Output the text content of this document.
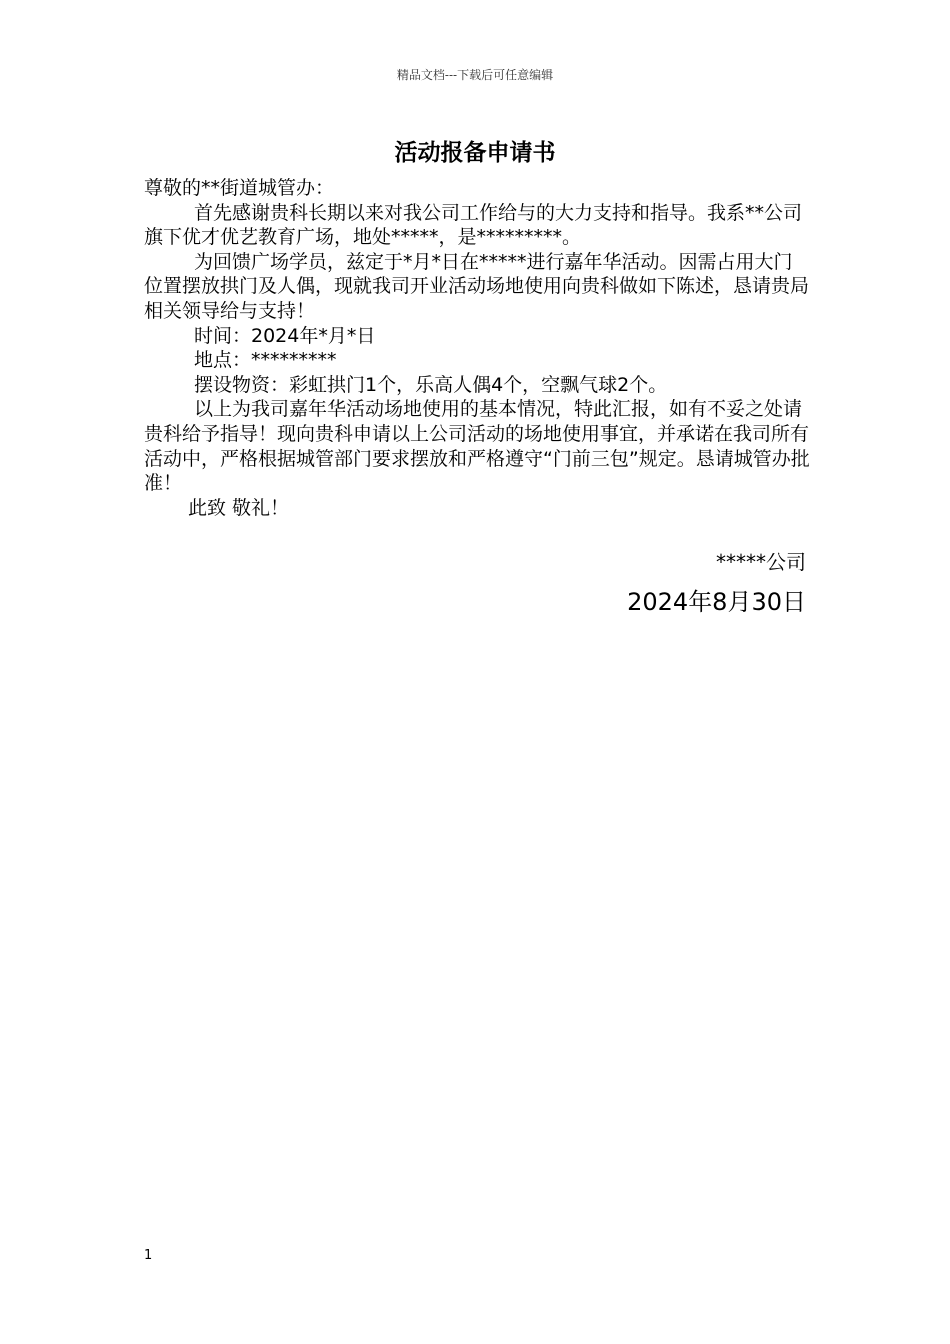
精品文档---下载后可任意编辑
活动报备申请书

尊敬的**街道城管办：

首先感谢贵科长期以来对我公司工作给与的大力支持和指导。我系**公司旗下优才优艺教育广场，地处*****，是*********。

为回馈广场学员，兹定于*月*日在*****进行嘉年华活动。因需占用大门位置摆放拱门及人偶，现就我司开业活动场地使用向贵科做如下陈述，恳请贵局相关领导给与支持！

时间：2024年*月*日

地点：*********

摆设物资：彩虹拱门1个，乐高人偶4个，空飘气球2个。

以上为我司嘉年华活动场地使用的基本情况，特此汇报，如有不妥之处请贵科给予指导！现向贵科申请以上公司活动的场地使用事宜，并承诺在我司所有活动中，严格根据城管部门要求摆放和严格遵守“门前三包”规定。恳请城管办批准！

此致 敬礼！

*****公司
2024年8月30日
1
